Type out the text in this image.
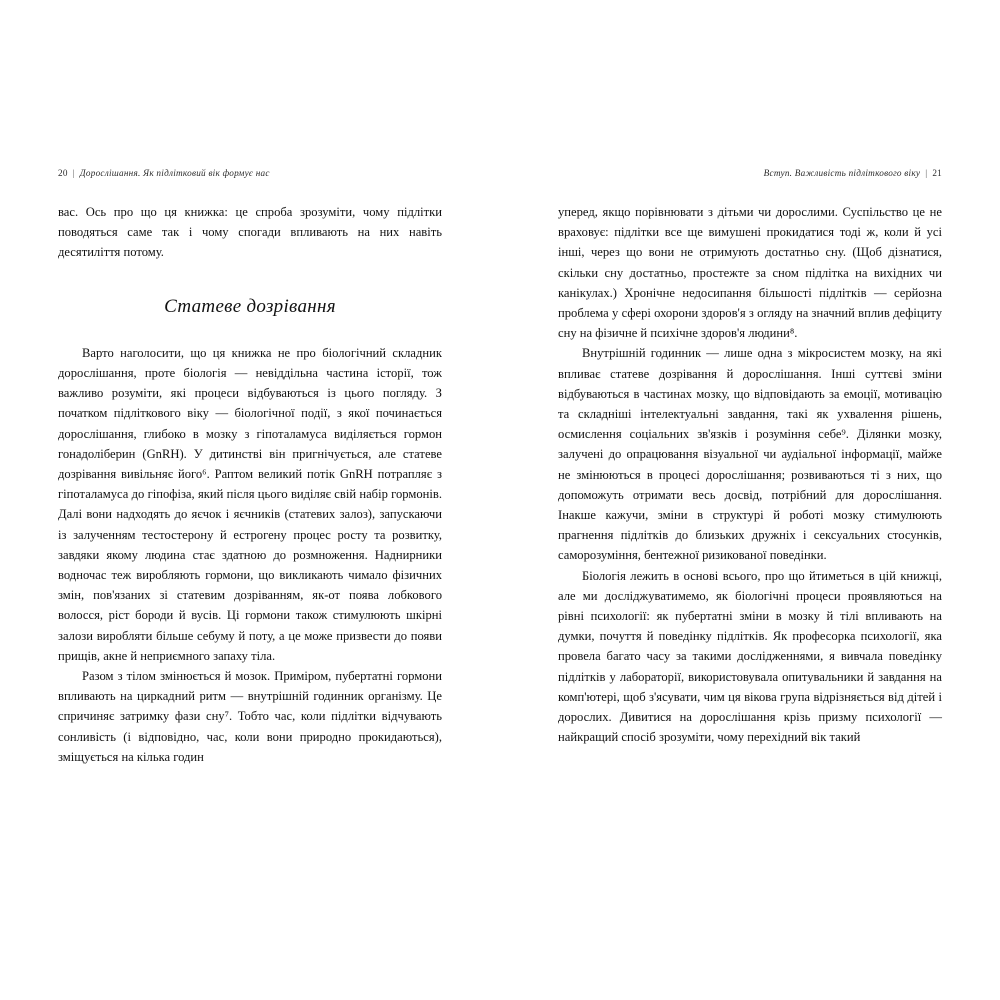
20 | Дорослішання. Як підлітковий вік формує нас

вас. Ось про що ця книжка: це спроба зрозуміти, чому підлітки поводяться саме так і чому спогади впливають на них навіть десятиліття потому.

Статеве дозрівання

Варто наголосити, що ця книжка не про біологічний складник дорослішання, проте біологія — невіддільна частина історії, тож важливо розуміти, які процеси відбуваються із цього погляду. З початком підліткового віку — біологічної події, з якої починається дорослішання, глибоко в мозку з гіпоталамуса виділяється гормон гонадоліберин (GnRH). У дитинстві він пригнічується, але статеве дозрівання вивільняє його⁶. Раптом великий потік GnRH потрапляє з гіпоталамуса до гіпофіза, який після цього виділяє свій набір гормонів. Далі вони надходять до яєчок і яєчників (статевих залоз), запускаючи із залученням тестостерону й естрогену процес росту та розвитку, завдяки якому людина стає здатною до розмноження. Наднирники водночас теж виробляють гормони, що викликають чимало фізичних змін, пов'язаних зі статевим дозріванням, як-от поява лобкового волосся, ріст бороди й вусів. Ці гормони також стимулюють шкірні залози виробляти більше себуму й поту, а це може призвести до появи прищів, акне й неприємного запаху тіла.

Разом з тілом змінюється й мозок. Приміром, пубертатні гормони впливають на циркадний ритм — внутрішній годинник організму. Це спричиняє затримку фази сну⁷. Тобто час, коли підлітки відчувають сонливість (і відповідно, час, коли вони природно прокидаються), зміщується на кілька годин

Вступ. Важливість підліткового віку | 21

уперед, якщо порівнювати з дітьми чи дорослими. Суспільство це не враховує: підлітки все ще вимушені прокидатися тоді ж, коли й усі інші, через що вони не отримують достатньо сну. (Щоб дізнатися, скільки сну достатньо, простежте за сном підлітка на вихідних чи канікулах.) Хронічне недосипання більшості підлітків — серйозна проблема у сфері охорони здоров'я з огляду на значний вплив дефіциту сну на фізичне й психічне здоров'я людини⁸.

Внутрішній годинник — лише одна з мікросистем мозку, на які впливає статеве дозрівання й дорослішання. Інші суттєві зміни відбуваються в частинах мозку, що відповідають за емоції, мотивацію та складніші інтелектуальні завдання, такі як ухвалення рішень, осмислення соціальних зв'язків і розуміння себе⁹. Ділянки мозку, залучені до опрацювання візуальної чи аудіальної інформації, майже не змінюються в процесі дорослішання; розвиваються ті з них, що допоможуть отримати весь досвід, потрібний для дорослішання. Інакше кажучи, зміни в структурі й роботі мозку стимулюють прагнення підлітків до близьких дружніх і сексуальних стосунків, саморозуміння, бентежної ризикованої поведінки.

Біологія лежить в основі всього, про що йтиметься в цій книжці, але ми досліджуватимемо, як біологічні процеси проявляються на рівні психології: як пубертатні зміни в мозку й тілі впливають на думки, почуття й поведінку підлітків. Як професорка психології, яка провела багато часу за такими дослідженнями, я вивчала поведінку підлітків у лабораторії, використовувала опитувальники й завдання на комп'ютері, щоб з'ясувати, чим ця вікова група відрізняється від дітей і дорослих. Дивитися на дорослішання крізь призму психології — найкращий спосіб зрозуміти, чому перехідний вік такий
